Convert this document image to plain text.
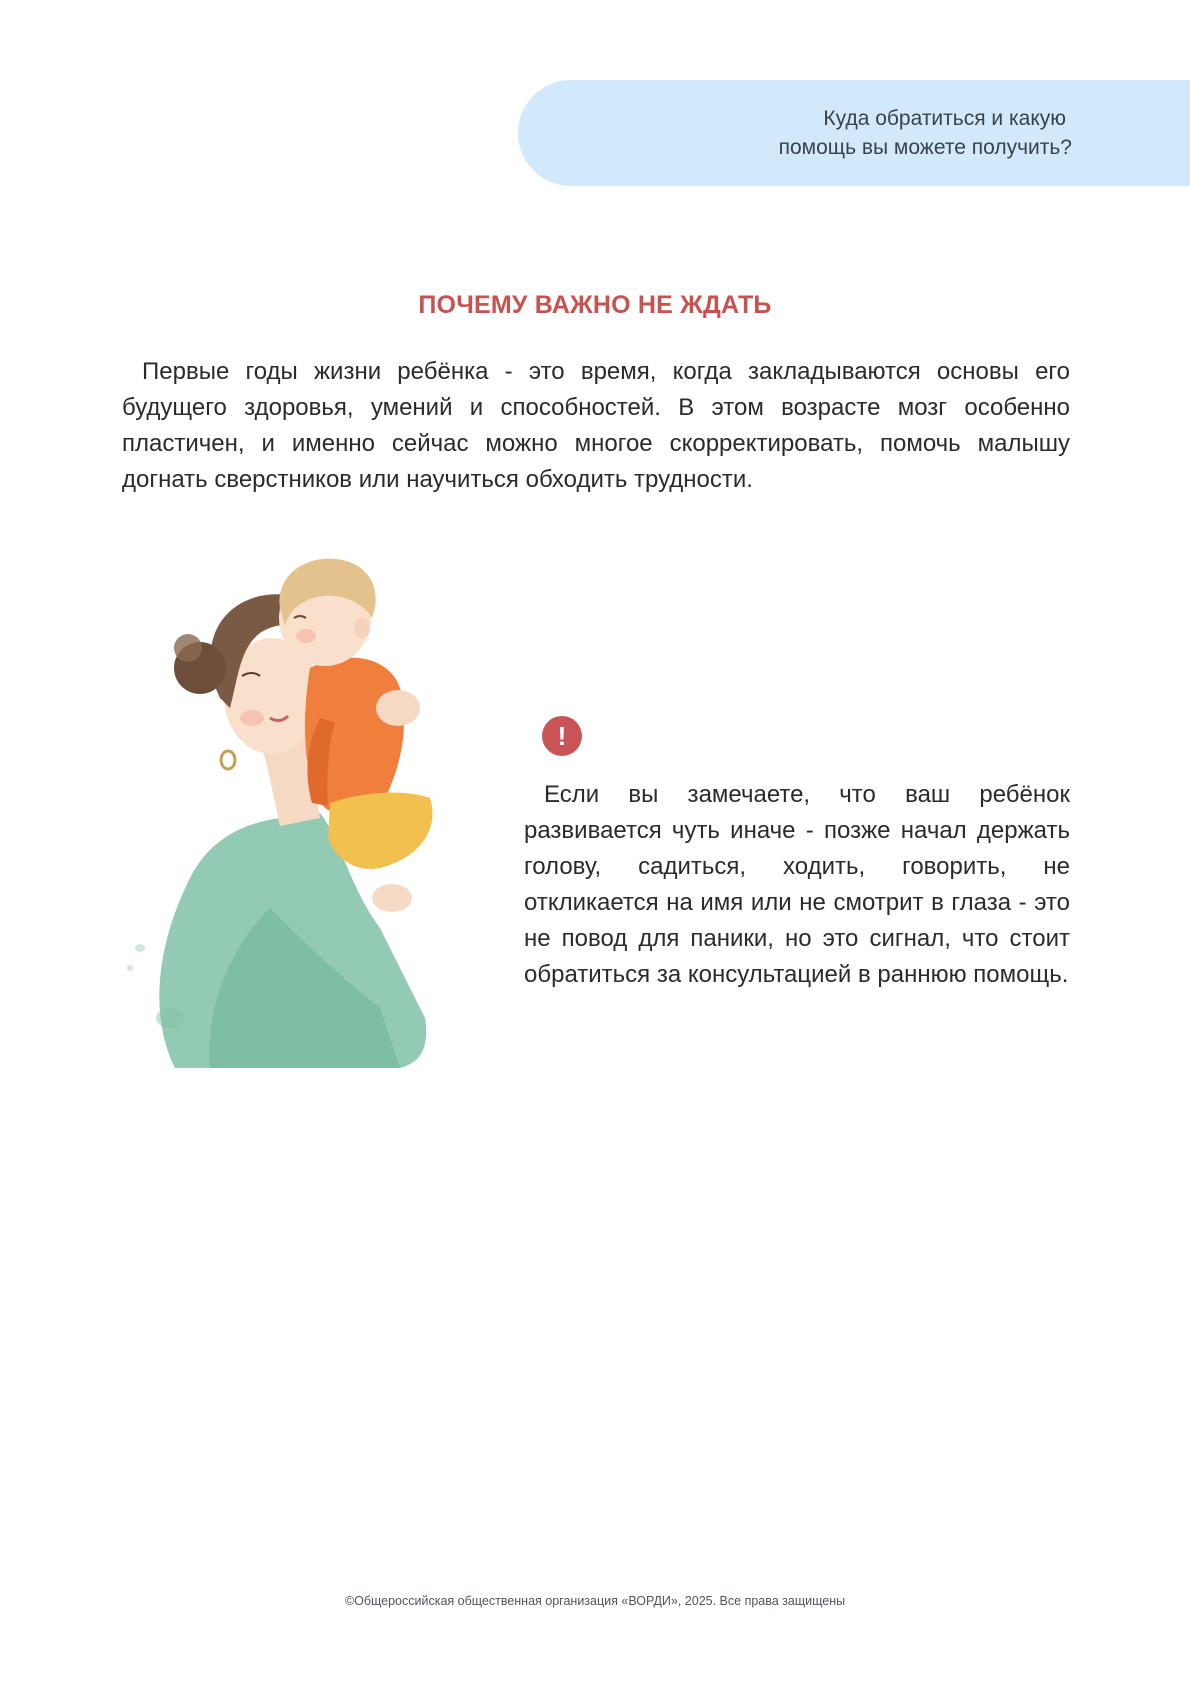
Куда обратиться и какую
помощь вы можете получить?
ПОЧЕМУ ВАЖНО НЕ ЖДАТЬ

Первые годы жизни ребёнка - это время, когда закладываются основы его будущего здоровья, умений и способностей. В этом возрасте мозг особенно пластичен, и именно сейчас можно многое скорректировать, помочь малышу догнать сверстников или научиться обходить трудности.

!

Если вы замечаете, что ваш ребёнок развивается чуть иначе - позже начал держать голову, садиться, ходить, говорить, не откликается на имя или не смотрит в глаза - это не повод для паники, но это сигнал, что стоит обратиться за консультацией в раннюю помощь.

©Общероссийская общественная организация «ВОРДИ», 2025. Все права защищены
